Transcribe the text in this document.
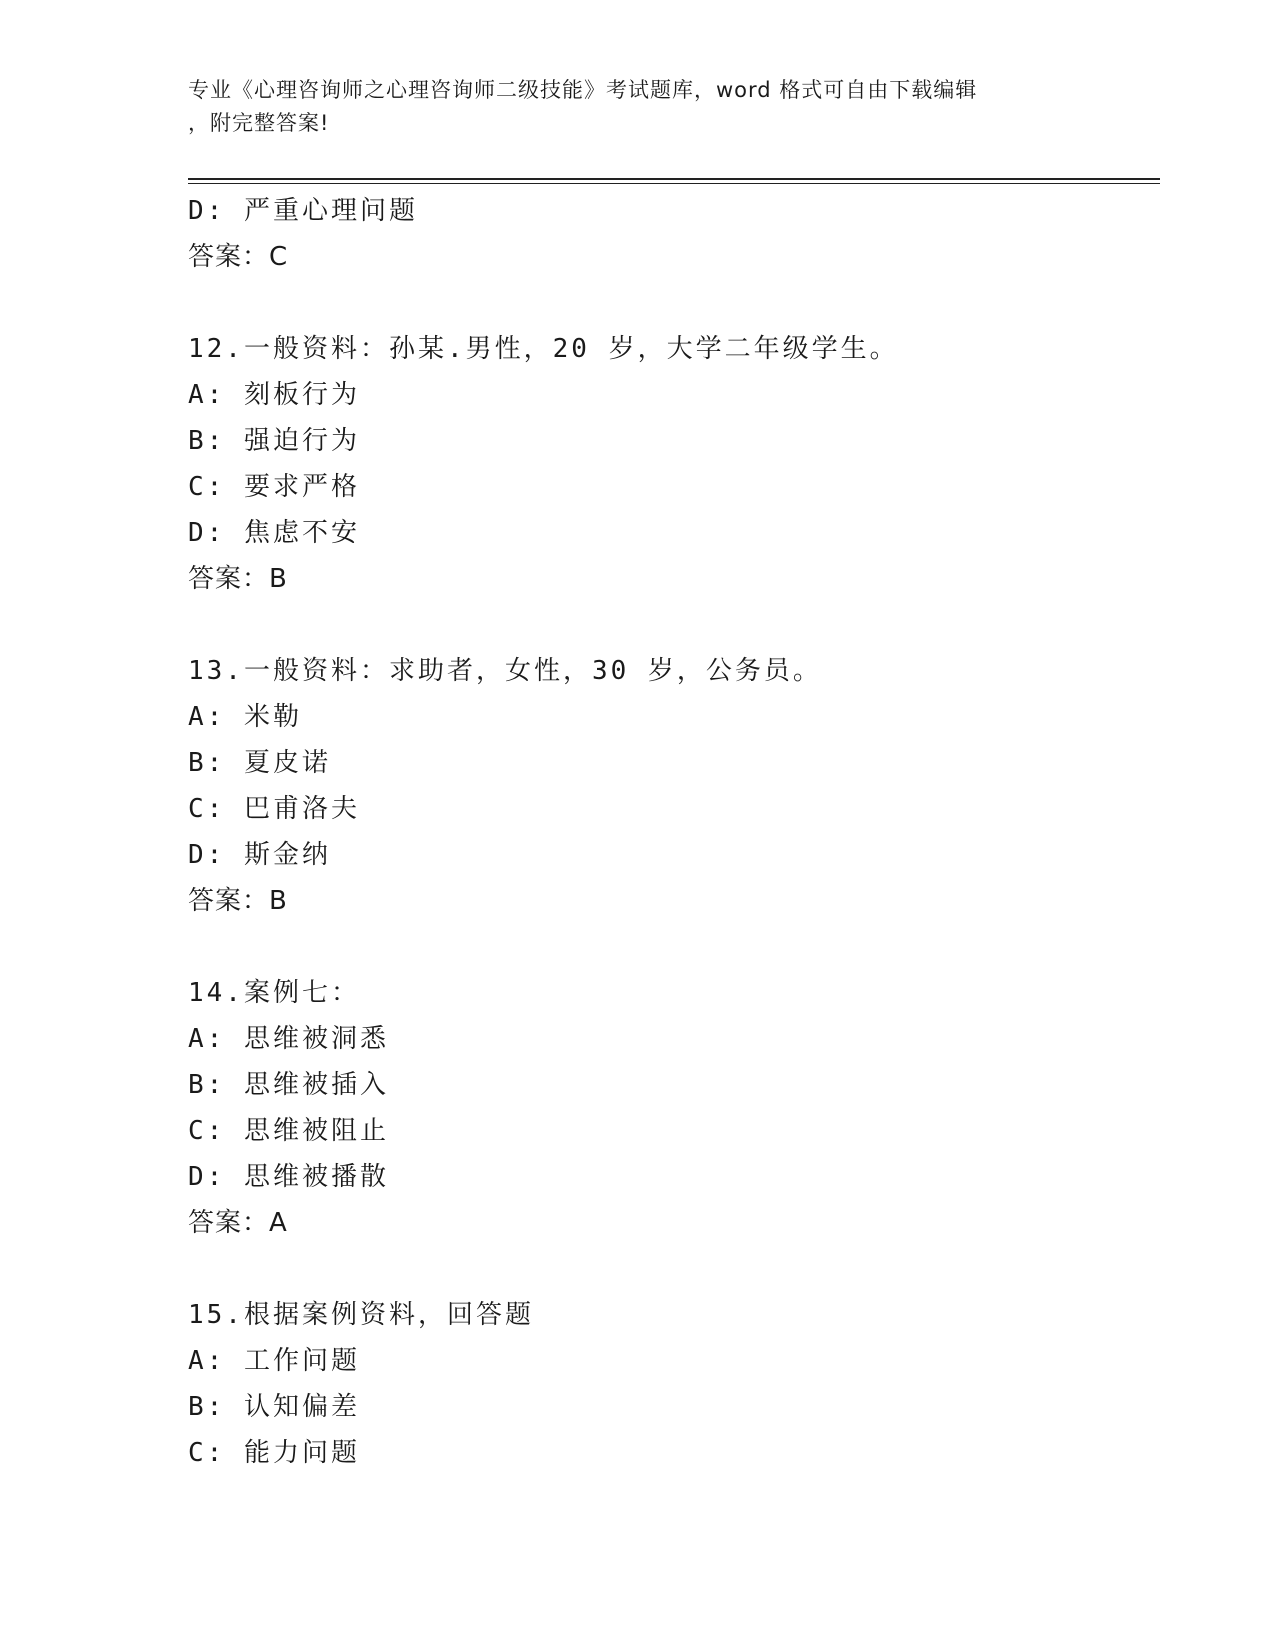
专业《心理咨询师之心理咨询师二级技能》考试题库，word 格式可自由下载编辑
，附完整答案!
D: 严重心理问题
答案：C
12.一般资料：孙某.男性，20 岁，大学二年级学生。
A: 刻板行为
B: 强迫行为
C: 要求严格
D: 焦虑不安
答案：B
13.一般资料：求助者，女性，30 岁，公务员。
A: 米勒
B: 夏皮诺
C: 巴甫洛夫
D: 斯金纳
答案：B
14.案例七：
A: 思维被洞悉
B: 思维被插入
C: 思维被阻止
D: 思维被播散
答案：A
15.根据案例资料，回答题
A: 工作问题
B: 认知偏差
C: 能力问题
